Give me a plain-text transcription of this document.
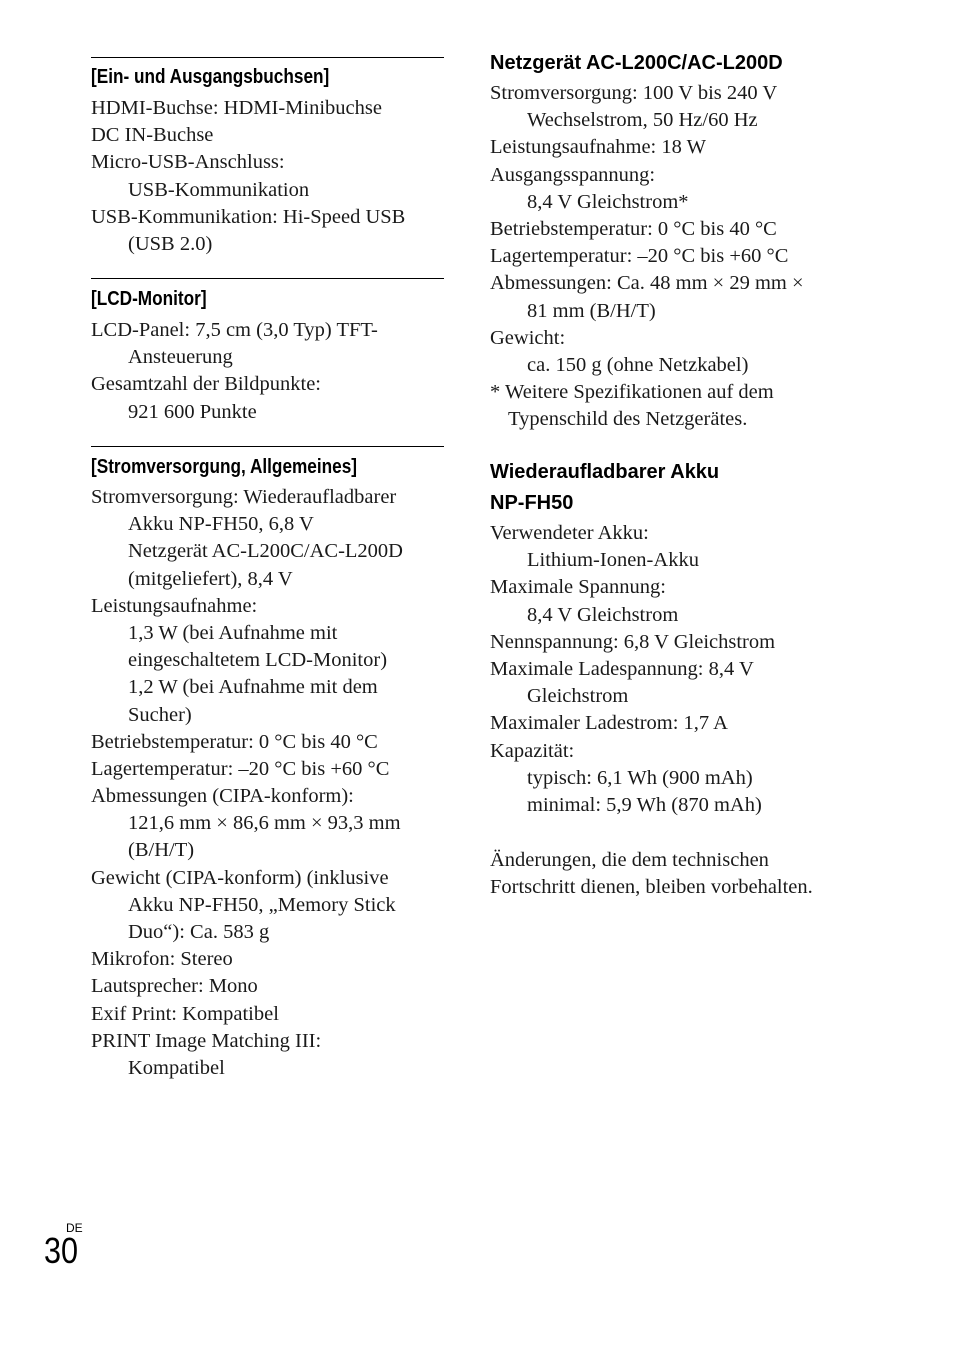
[Ein- und Ausgangsbuchsen]
HDMI-Buchse: HDMI-Minibuchse
DC IN-Buchse
Micro-USB-Anschluss:
USB-Kommunikation
USB-Kommunikation: Hi-Speed USB
(USB 2.0)
[LCD-Monitor]
LCD-Panel: 7,5 cm (3,0 Typ) TFT-
Ansteuerung
Gesamtzahl der Bildpunkte:
921 600 Punkte
[Stromversorgung, Allgemeines]
Stromversorgung: Wiederaufladbarer
Akku NP-FH50, 6,8 V
Netzgerät AC-L200C/AC-L200D
(mitgeliefert), 8,4 V
Leistungsaufnahme:
1,3 W (bei Aufnahme mit
eingeschaltetem LCD-Monitor)
1,2 W (bei Aufnahme mit dem
Sucher)
Betriebstemperatur: 0 °C bis 40 °C
Lagertemperatur: –20 °C bis +60 °C
Abmessungen (CIPA-konform):
121,6 mm × 86,6 mm × 93,3 mm
(B/H/T)
Gewicht (CIPA-konform) (inklusive
Akku NP-FH50, „Memory Stick
Duo“): Ca. 583 g
Mikrofon: Stereo
Lautsprecher: Mono
Exif Print: Kompatibel
PRINT Image Matching III:
Kompatibel
Netzgerät AC-L200C/AC-L200D
Stromversorgung: 100 V bis 240 V
Wechselstrom, 50 Hz/60 Hz
Leistungsaufnahme: 18 W
Ausgangsspannung:
8,4 V Gleichstrom*
Betriebstemperatur: 0 °C bis 40 °C
Lagertemperatur: –20 °C bis +60 °C
Abmessungen: Ca. 48 mm × 29 mm ×
81 mm (B/H/T)
Gewicht:
ca. 150 g (ohne Netzkabel)
* Weitere Spezifikationen auf dem
Typenschild des Netzgerätes.
Wiederaufladbarer Akku
NP-FH50
Verwendeter Akku:
Lithium-Ionen-Akku
Maximale Spannung:
8,4 V Gleichstrom
Nennspannung: 6,8 V Gleichstrom
Maximale Ladespannung: 8,4 V
Gleichstrom
Maximaler Ladestrom: 1,7 A
Kapazität:
typisch: 6,1 Wh (900 mAh)
minimal: 5,9 Wh (870 mAh)
Änderungen, die dem technischen
Fortschritt dienen, bleiben vorbehalten.
DE
30
